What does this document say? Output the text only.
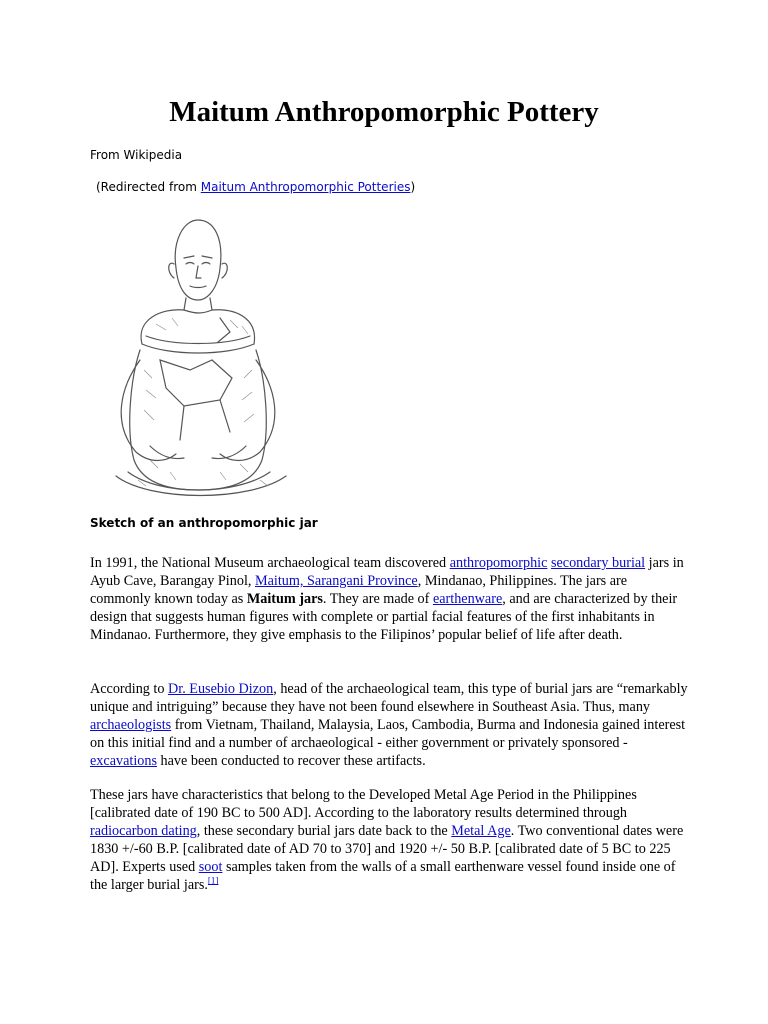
Maitum Anthropomorphic Pottery
From Wikipedia
(Redirected from Maitum Anthropomorphic Potteries)
Sketch of an anthropomorphic jar

In 1991, the National Museum archaeological team discovered anthropomorphic secondary burial jars in Ayub Cave, Barangay Pinol, Maitum, Sarangani Province, Mindanao, Philippines. The jars are commonly known today as Maitum jars. They are made of earthenware, and are characterized by their design that suggests human figures with complete or partial facial features of the first inhabitants in Mindanao. Furthermore, they give emphasis to the Filipinos’ popular belief of life after death.

According to Dr. Eusebio Dizon, head of the archaeological team, this type of burial jars are “remarkably unique and intriguing” because they have not been found elsewhere in Southeast Asia. Thus, many archaeologists from Vietnam, Thailand, Malaysia, Laos, Cambodia, Burma and Indonesia gained interest on this initial find and a number of archaeological - either government or privately sponsored - excavations have been conducted to recover these artifacts.

These jars have characteristics that belong to the Developed Metal Age Period in the Philippines [calibrated date of 190 BC to 500 AD]. According to the laboratory results determined through radiocarbon dating, these secondary burial jars date back to the Metal Age. Two conventional dates were 1830 +/-60 B.P. [calibrated date of AD 70 to 370] and 1920 +/- 50 B.P. [calibrated date of 5 BC to 225 AD]. Experts used soot samples taken from the walls of a small earthenware vessel found inside one of the larger burial jars.[1]
